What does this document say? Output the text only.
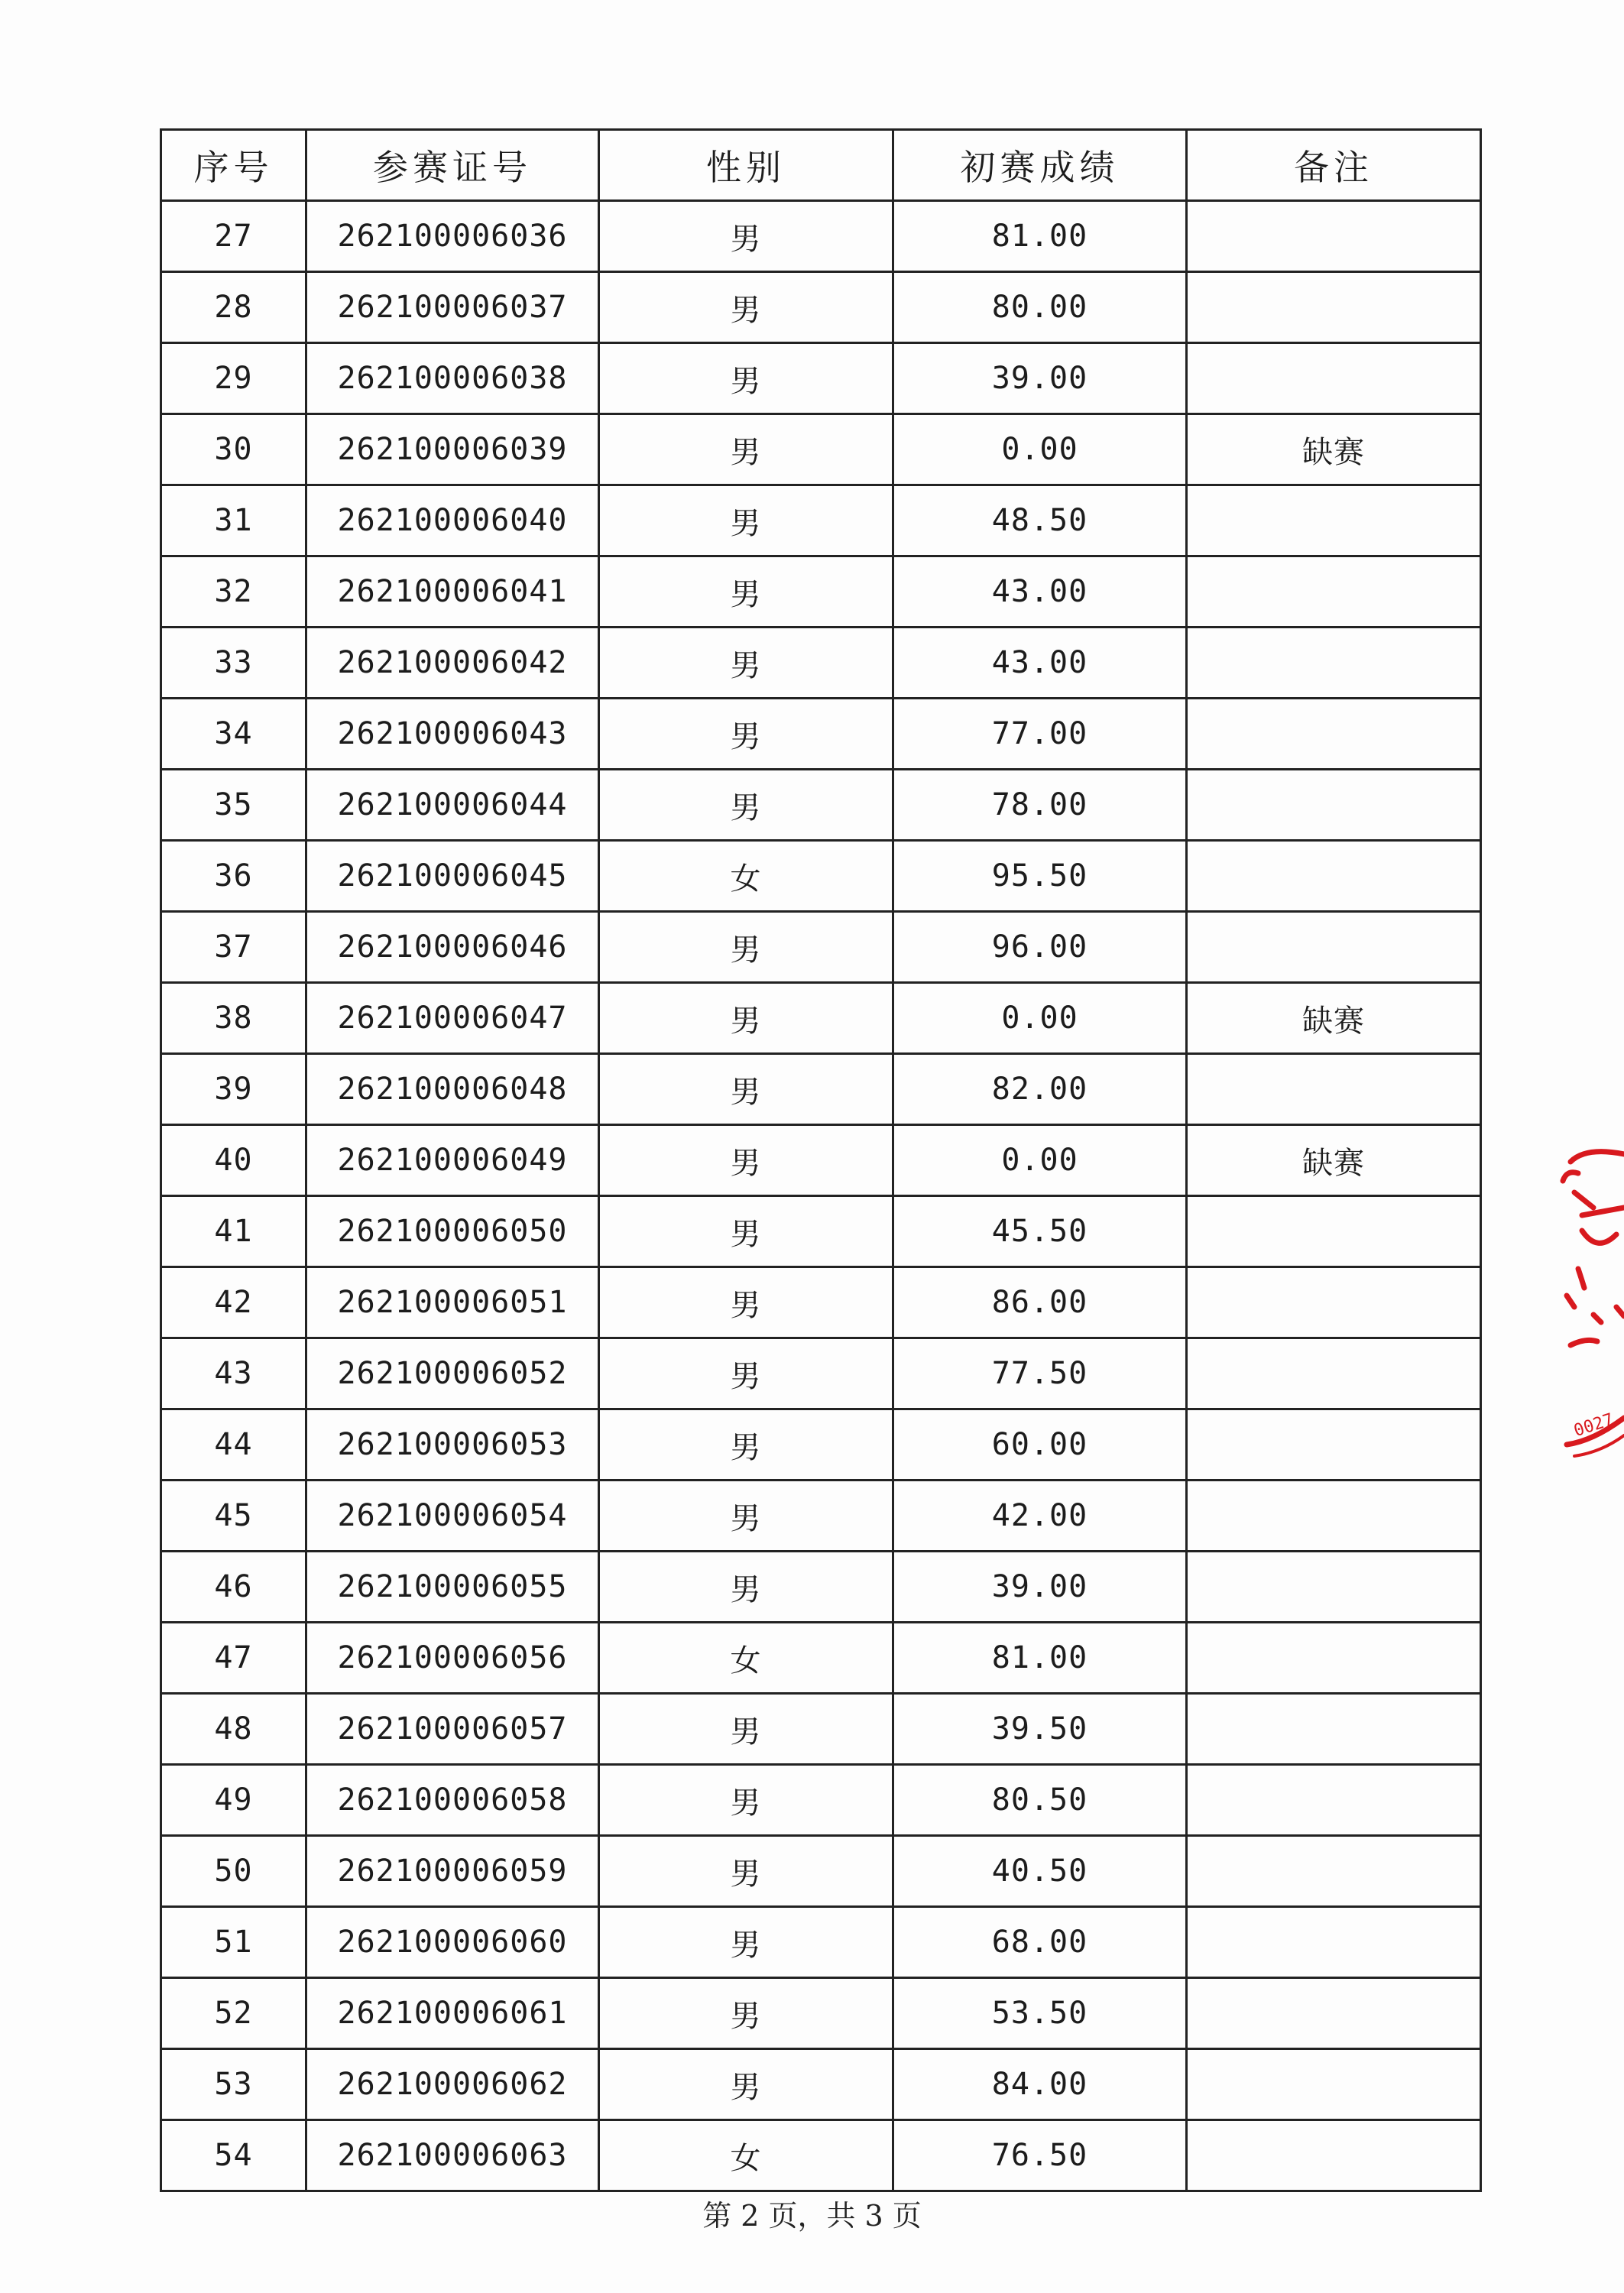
序号	参赛证号	性别	初赛成绩	备注
27	262100006036	男	81.00	
28	262100006037	男	80.00	
29	262100006038	男	39.00	
30	262100006039	男	0.00	缺赛
31	262100006040	男	48.50	
32	262100006041	男	43.00	
33	262100006042	男	43.00	
34	262100006043	男	77.00	
35	262100006044	男	78.00	
36	262100006045	女	95.50	
37	262100006046	男	96.00	
38	262100006047	男	0.00	缺赛
39	262100006048	男	82.00	
40	262100006049	男	0.00	缺赛
41	262100006050	男	45.50	
42	262100006051	男	86.00	
43	262100006052	男	77.50	
44	262100006053	男	60.00	
45	262100006054	男	42.00	
46	262100006055	男	39.00	
47	262100006056	女	81.00	
48	262100006057	男	39.50	
49	262100006058	男	80.50	
50	262100006059	男	40.50	
51	262100006060	男	68.00	
52	262100006061	男	53.50	
53	262100006062	男	84.00	
54	262100006063	女	76.50	
0027
第 2 页，共 3 页
